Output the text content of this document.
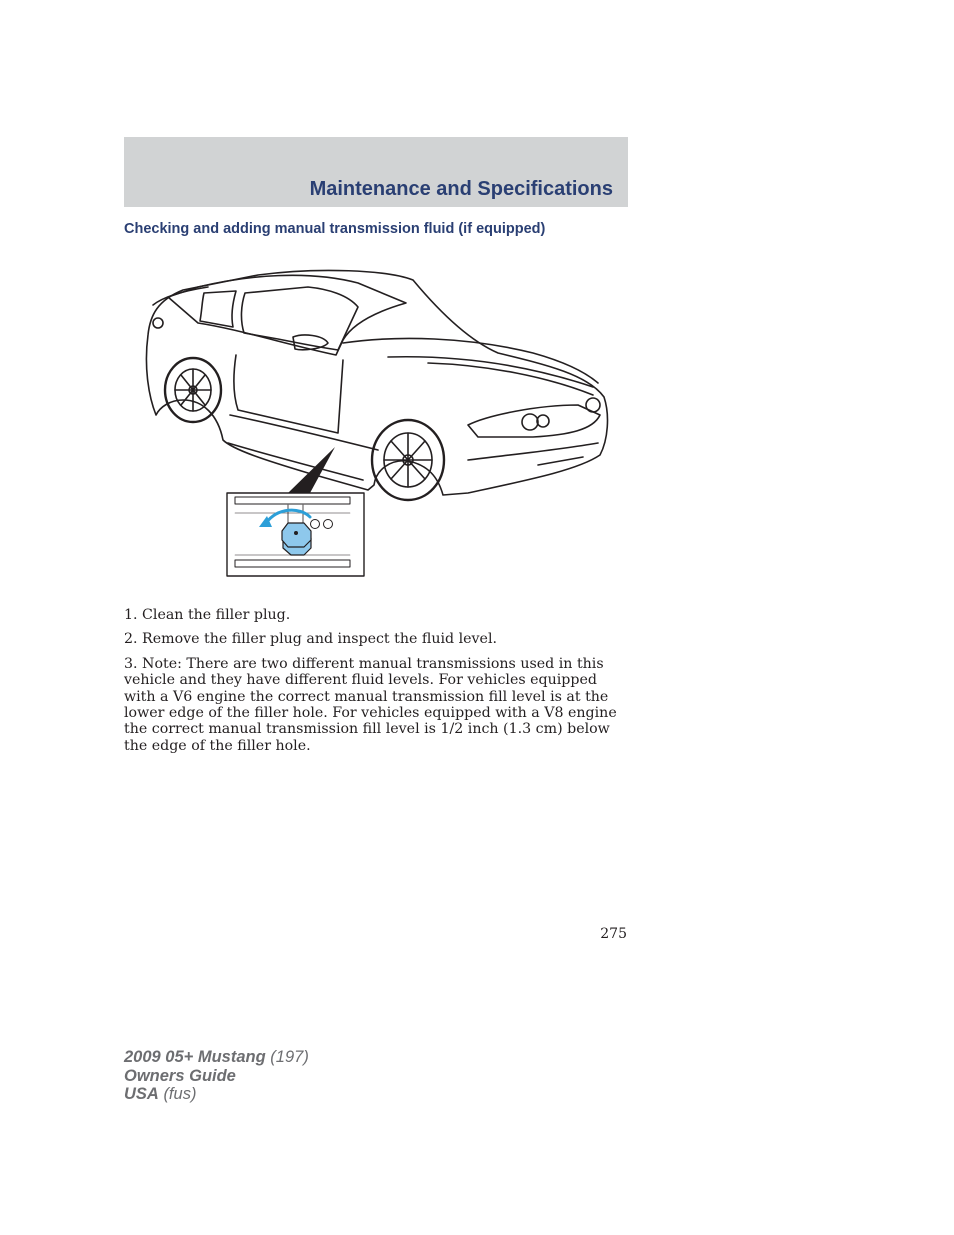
Maintenance and Specifications
Checking and adding manual transmission fluid (if equipped)

1. Clean the filler plug.

2. Remove the filler plug and inspect the fluid level.

3. Note: There are two different manual transmissions used in this vehicle and they have different fluid levels. For vehicles equipped with a V6 engine the correct manual transmission fill level is at the lower edge of the filler hole. For vehicles equipped with a V8 engine the correct manual transmission fill level is 1/2 inch (1.3 cm) below the edge of the filler hole.

275
2009 05+ Mustang (197)
Owners Guide
USA (fus)
